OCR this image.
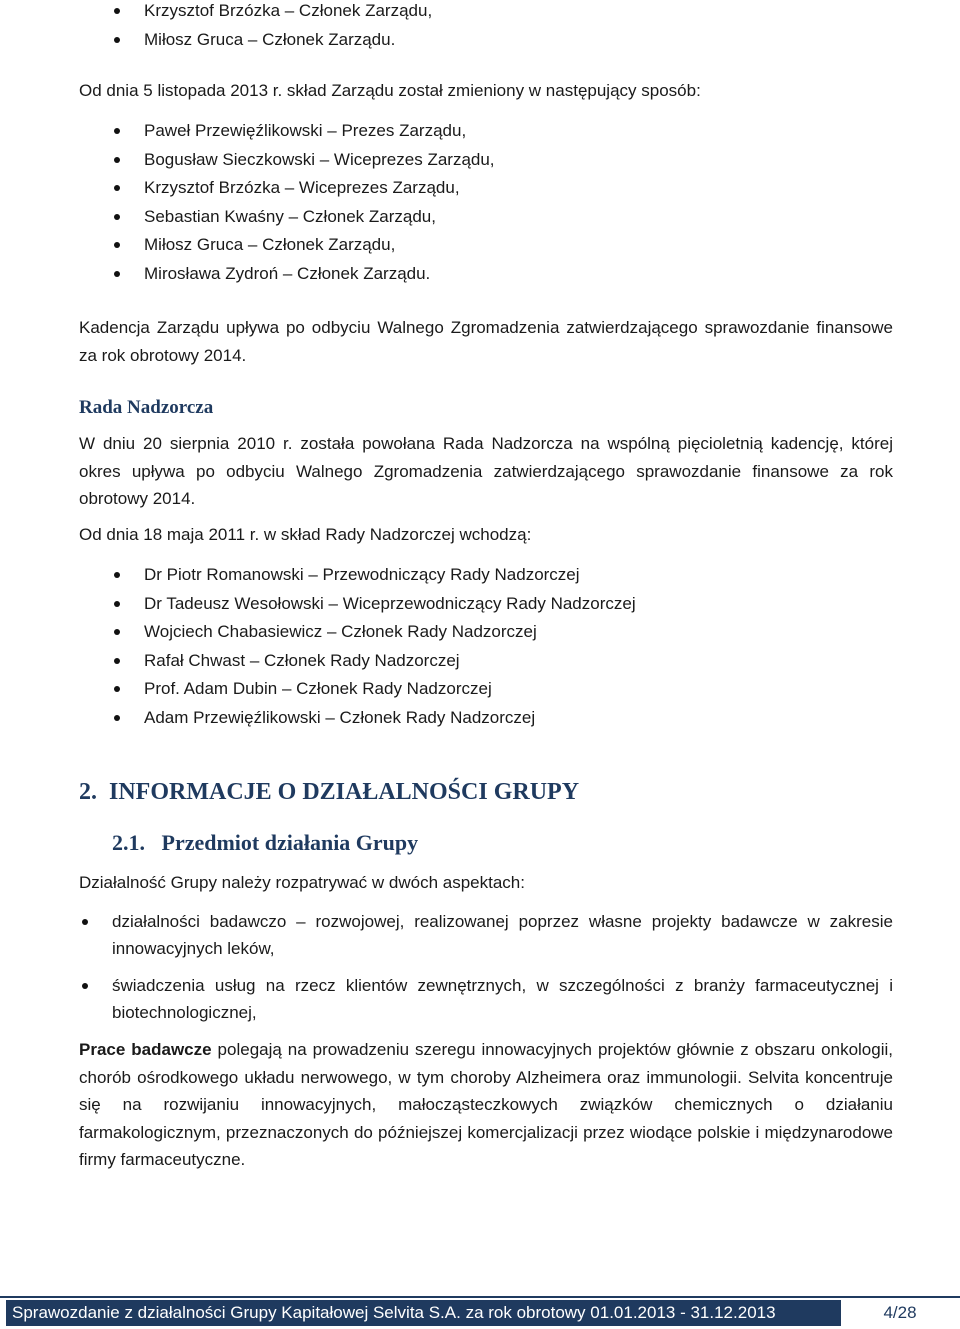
Krzysztof Brzózka – Członek Zarządu,
Miłosz Gruca – Członek Zarządu.
Od dnia 5 listopada 2013 r. skład Zarządu został zmieniony w następujący sposób:
Paweł Przewięźlikowski – Prezes Zarządu,
Bogusław Sieczkowski – Wiceprezes Zarządu,
Krzysztof Brzózka – Wiceprezes Zarządu,
Sebastian Kwaśny – Członek Zarządu,
Miłosz Gruca – Członek Zarządu,
Mirosława Zydroń – Członek Zarządu.
Kadencja Zarządu upływa po odbyciu Walnego Zgromadzenia zatwierdzającego sprawozdanie finansowe za rok obrotowy 2014.
Rada Nadzorcza
W dniu 20 sierpnia 2010 r. została powołana Rada Nadzorcza na wspólną pięcioletnią kadencję, której okres upływa po odbyciu Walnego Zgromadzenia zatwierdzającego sprawozdanie finansowe za rok obrotowy 2014.
Od dnia 18 maja 2011 r. w skład Rady Nadzorczej wchodzą:
Dr Piotr Romanowski – Przewodniczący Rady Nadzorczej
Dr Tadeusz Wesołowski – Wiceprzewodniczący Rady Nadzorczej
Wojciech Chabasiewicz – Członek Rady Nadzorczej
Rafał Chwast – Członek Rady Nadzorczej
Prof. Adam Dubin – Członek Rady Nadzorczej
Adam Przewięźlikowski – Członek Rady Nadzorczej
2.  INFORMACJE O DZIAŁALNOŚCI GRUPY
2.1.   Przedmiot działania Grupy
Działalność Grupy należy rozpatrywać w dwóch aspektach:
działalności badawczo – rozwojowej, realizowanej poprzez własne projekty badawcze w zakresie innowacyjnych leków,
świadczenia usług na rzecz klientów zewnętrznych, w szczególności z branży farmaceutycznej i biotechnologicznej,
Prace badawcze polegają na prowadzeniu szeregu innowacyjnych projektów głównie z obszaru onkologii, chorób ośrodkowego układu nerwowego, w tym choroby Alzheimera oraz immunologii. Selvita koncentruje się na rozwijaniu innowacyjnych, małocząsteczkowych związków chemicznych o działaniu farmakologicznym, przeznaczonych do późniejszej komercjalizacji przez wiodące polskie i międzynarodowe firmy farmaceutyczne.
Sprawozdanie z działalności Grupy Kapitałowej Selvita S.A. za rok obrotowy 01.01.2013 - 31.12.2013	4/28
